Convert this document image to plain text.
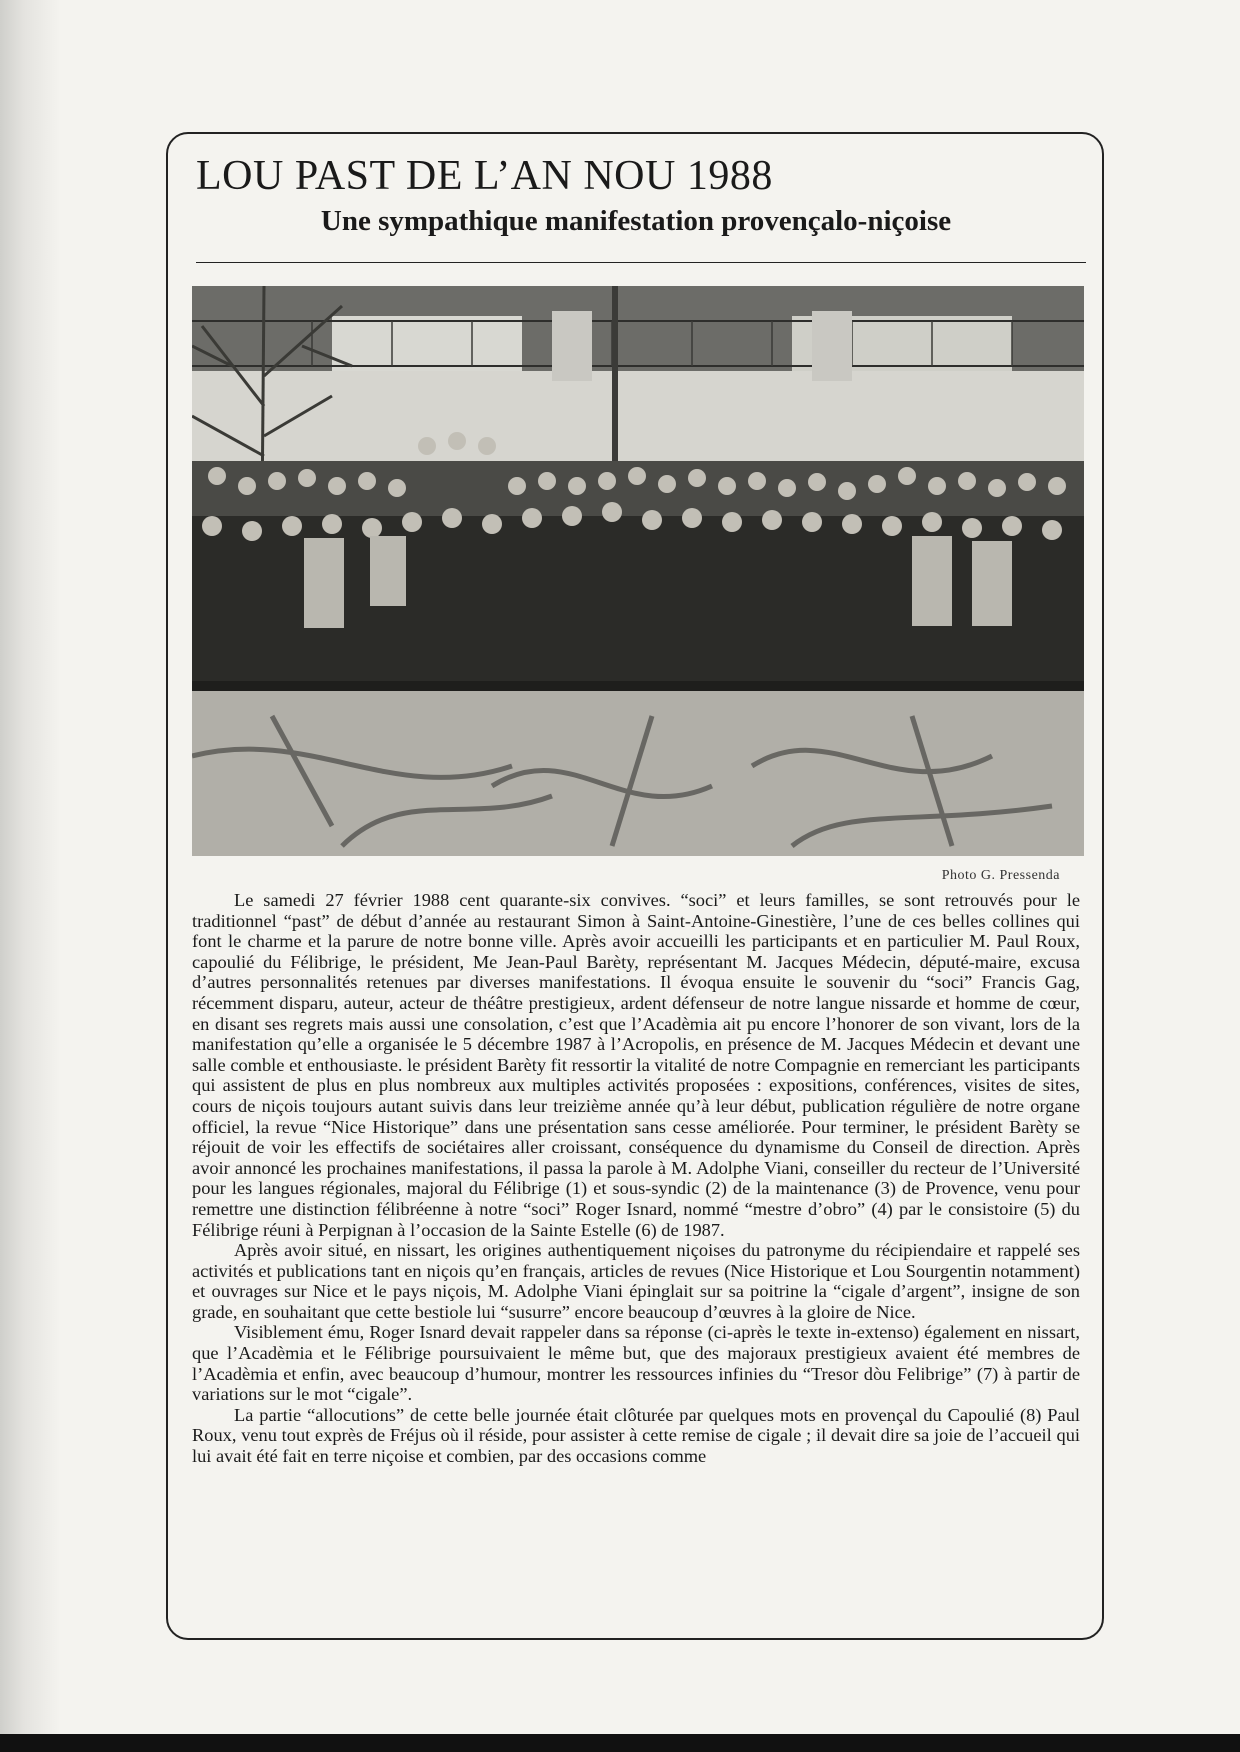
LOU PAST DE L’AN NOU 1988
Une sympathique manifestation provençalo-niçoise
Photo G. Pressenda

Le samedi 27 février 1988 cent quarante-six convives. “soci” et leurs familles, se sont retrouvés pour le traditionnel “past” de début d’année au restaurant Simon à Saint-Antoine-Ginestière, l’une de ces belles collines qui font le charme et la parure de notre bonne ville. Après avoir accueilli les participants et en particulier M. Paul Roux, capoulié du Félibrige, le président, Me Jean-Paul Barèty, représentant M. Jacques Médecin, député-maire, excusa d’autres personnalités retenues par diverses manifestations. Il évoqua ensuite le souvenir du “soci” Francis Gag, récemment disparu, auteur, acteur de théâtre prestigieux, ardent défenseur de notre langue nissarde et homme de cœur, en disant ses regrets mais aussi une consolation, c’est que l’Acadèmia ait pu encore l’honorer de son vivant, lors de la manifestation qu’elle a organisée le 5 décembre 1987 à l’Acropolis, en présence de M. Jacques Médecin et devant une salle comble et enthousiaste. le président Barèty fit ressortir la vitalité de notre Compagnie en remerciant les participants qui assistent de plus en plus nombreux aux multiples activités proposées : expositions, conférences, visites de sites, cours de niçois toujours autant suivis dans leur treizième année qu’à leur début, publication régulière de notre organe officiel, la revue “Nice Historique” dans une présentation sans cesse améliorée. Pour terminer, le président Barèty se réjouit de voir les effectifs de sociétaires aller croissant, conséquence du dynamisme du Conseil de direction. Après avoir annoncé les prochaines manifestations, il passa la parole à M. Adolphe Viani, conseiller du recteur de l’Université pour les langues régionales, majoral du Félibrige (1) et sous-syndic (2) de la maintenance (3) de Provence, venu pour remettre une distinction félibréenne à notre “soci” Roger Isnard, nommé “mestre d’obro” (4) par le consistoire (5) du Félibrige réuni à Perpignan à l’occasion de la Sainte Estelle (6) de 1987.

Après avoir situé, en nissart, les origines authentiquement niçoises du patronyme du récipiendaire et rappelé ses activités et publications tant en niçois qu’en français, articles de revues (Nice Historique et Lou Sourgentin notamment) et ouvrages sur Nice et le pays niçois, M. Adolphe Viani épinglait sur sa poitrine la “cigale d’argent”, insigne de son grade, en souhaitant que cette bestiole lui “susurre” encore beaucoup d’œuvres à la gloire de Nice.

Visiblement ému, Roger Isnard devait rappeler dans sa réponse (ci-après le texte in-extenso) également en nissart, que l’Acadèmia et le Félibrige poursuivaient le même but, que des majoraux prestigieux avaient été membres de l’Acadèmia et enfin, avec beaucoup d’humour, montrer les ressources infinies du “Tresor dòu Felibrige” (7) à partir de variations sur le mot “cigale”.

La partie “allocutions” de cette belle journée était clôturée par quelques mots en provençal du Capoulié (8) Paul Roux, venu tout exprès de Fréjus où il réside, pour assister à cette remise de cigale ; il devait dire sa joie de l’accueil qui lui avait été fait en terre niçoise et combien, par des occasions comme
